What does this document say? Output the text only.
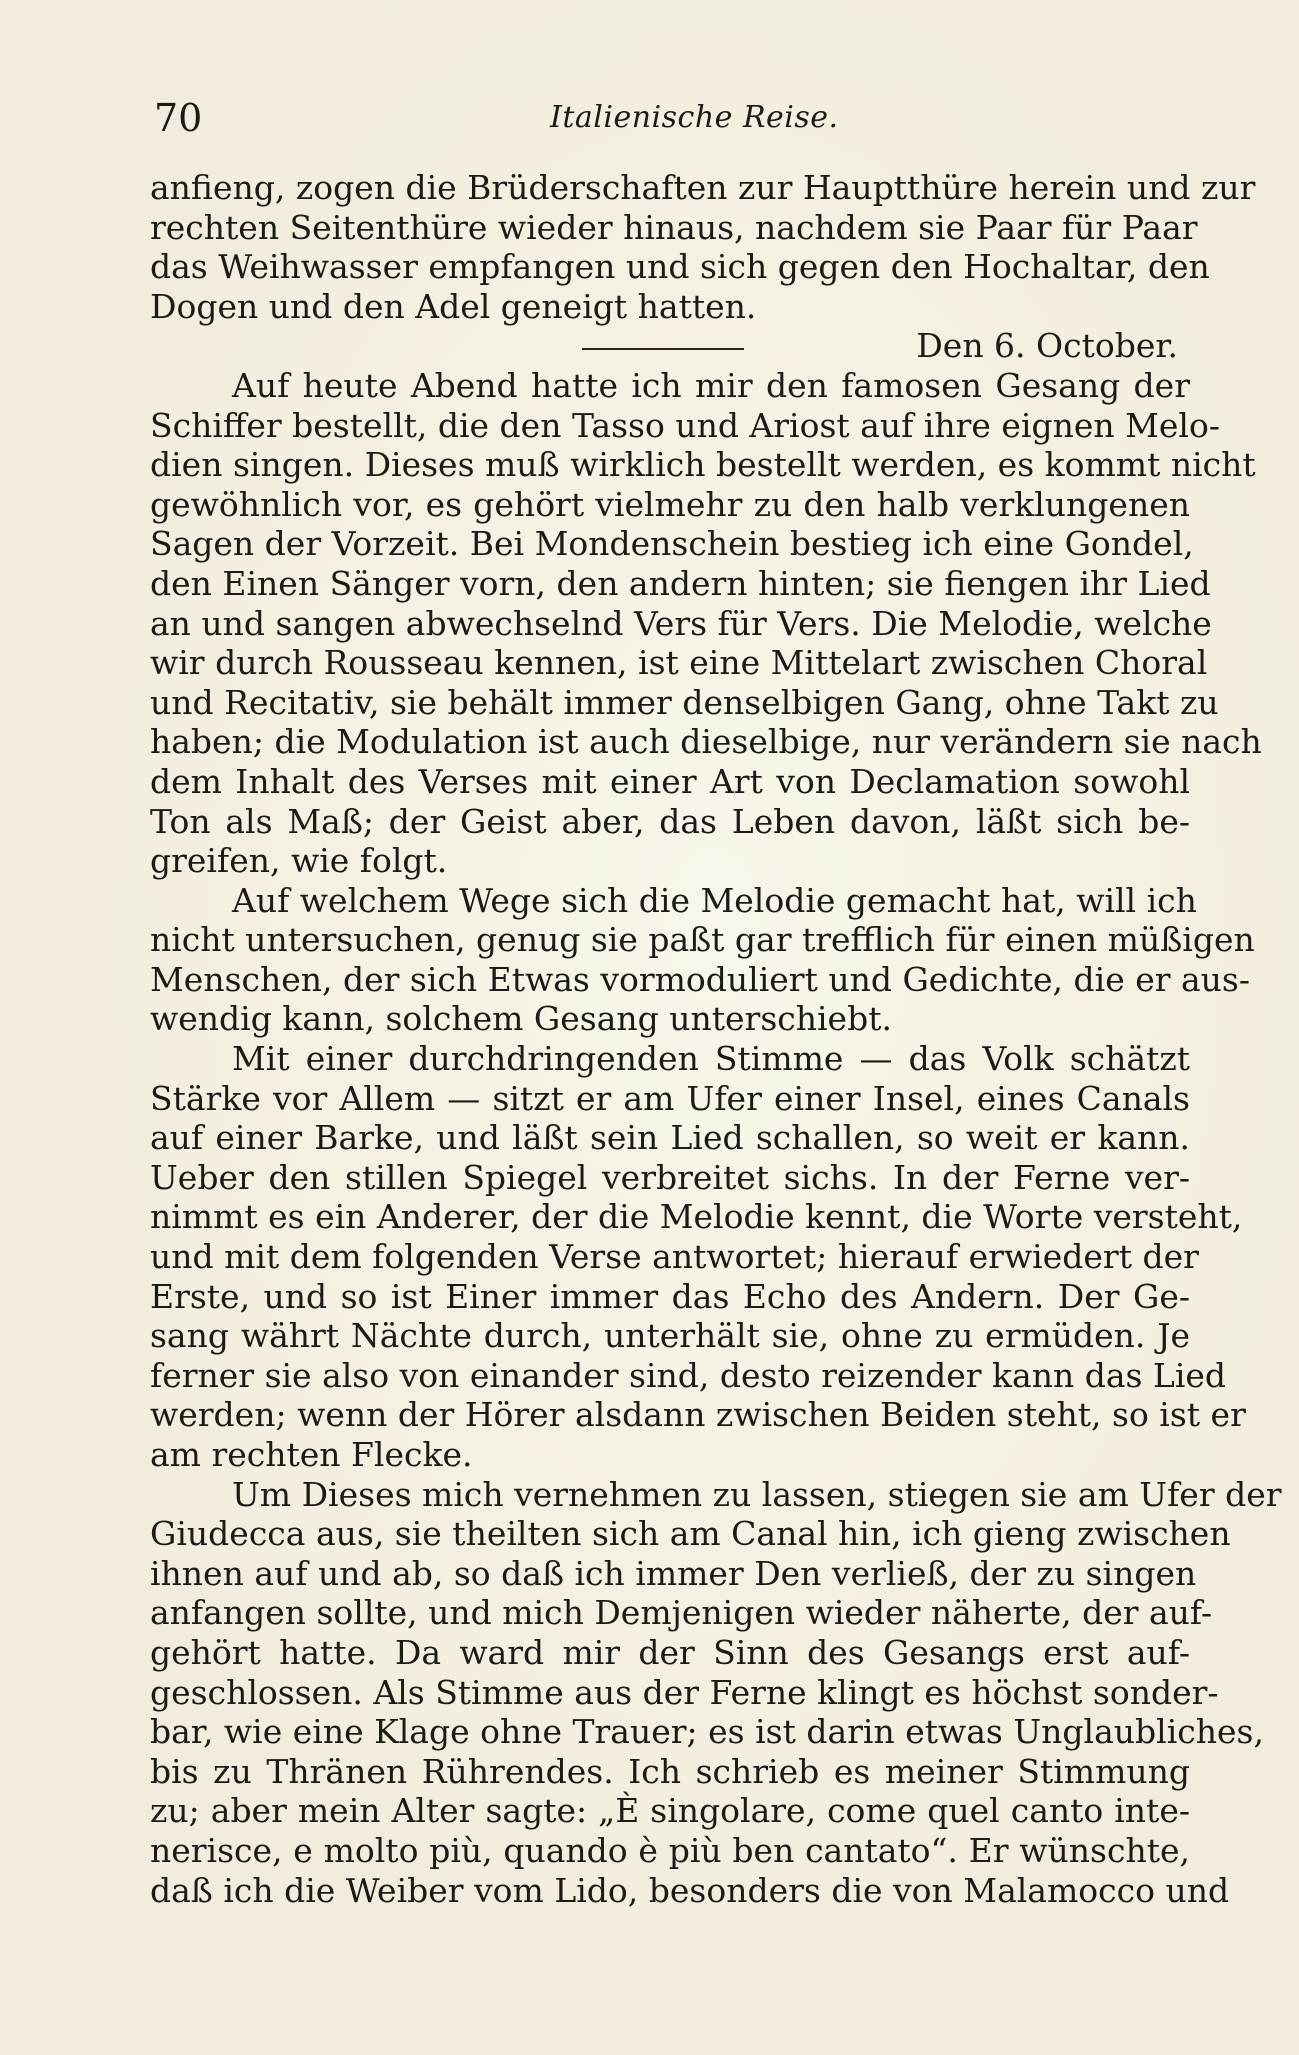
70	Italienische Reise.
anfieng, zogen die Brüderschaften zur Hauptthüre herein und zur
rechten Seitenthüre wieder hinaus, nachdem sie Paar für Paar
das Weihwasser empfangen und sich gegen den Hochaltar, den
Dogen und den Adel geneigt hatten.
Den 6. October.
Auf heute Abend hatte ich mir den famosen Gesang der
Schiffer bestellt, die den Tasso und Ariost auf ihre eignen Melo-
dien singen. Dieses muß wirklich bestellt werden, es kommt nicht
gewöhnlich vor, es gehört vielmehr zu den halb verklungenen
Sagen der Vorzeit. Bei Mondenschein bestieg ich eine Gondel,
den Einen Sänger vorn, den andern hinten; sie fiengen ihr Lied
an und sangen abwechselnd Vers für Vers. Die Melodie, welche
wir durch Rousseau kennen, ist eine Mittelart zwischen Choral
und Recitativ, sie behält immer denselbigen Gang, ohne Takt zu
haben; die Modulation ist auch dieselbige, nur verändern sie nach
dem Inhalt des Verses mit einer Art von Declamation sowohl
Ton als Maß; der Geist aber, das Leben davon, läßt sich be-
greifen, wie folgt.
Auf welchem Wege sich die Melodie gemacht hat, will ich
nicht untersuchen, genug sie paßt gar trefflich für einen müßigen
Menschen, der sich Etwas vormoduliert und Gedichte, die er aus-
wendig kann, solchem Gesang unterschiebt.
Mit einer durchdringenden Stimme — das Volk schätzt
Stärke vor Allem — sitzt er am Ufer einer Insel, eines Canals
auf einer Barke, und läßt sein Lied schallen, so weit er kann.
Ueber den stillen Spiegel verbreitet sichs. In der Ferne ver-
nimmt es ein Anderer, der die Melodie kennt, die Worte versteht,
und mit dem folgenden Verse antwortet; hierauf erwiedert der
Erste, und so ist Einer immer das Echo des Andern. Der Ge-
sang währt Nächte durch, unterhält sie, ohne zu ermüden. Je
ferner sie also von einander sind, desto reizender kann das Lied
werden; wenn der Hörer alsdann zwischen Beiden steht, so ist er
am rechten Flecke.
Um Dieses mich vernehmen zu lassen, stiegen sie am Ufer der
Giudecca aus, sie theilten sich am Canal hin, ich gieng zwischen
ihnen auf und ab, so daß ich immer Den verließ, der zu singen
anfangen sollte, und mich Demjenigen wieder näherte, der auf-
gehört hatte. Da ward mir der Sinn des Gesangs erst auf-
geschlossen. Als Stimme aus der Ferne klingt es höchst sonder-
bar, wie eine Klage ohne Trauer; es ist darin etwas Unglaubliches,
bis zu Thränen Rührendes. Ich schrieb es meiner Stimmung
zu; aber mein Alter sagte: „È singolare, come quel canto inte-
nerisce, e molto più, quando è più ben cantato“. Er wünschte,
daß ich die Weiber vom Lido, besonders die von Malamocco und
